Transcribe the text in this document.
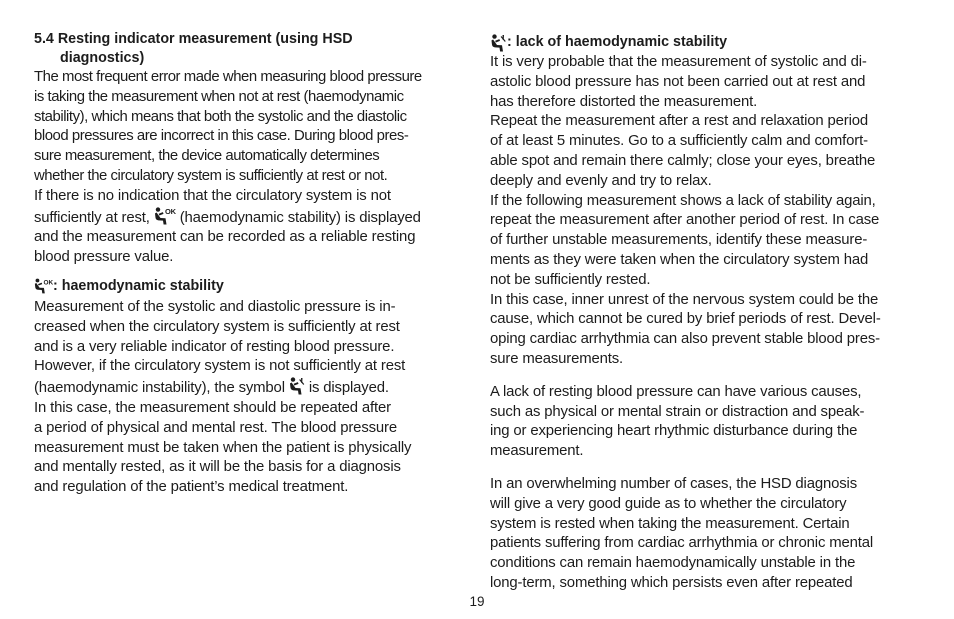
5.4 Resting indicator measurement (using HSD
diagnostics)

The most frequent error made when measuring blood pressure

is taking the measurement when not at rest (haemodynamic

stability), which means that both the systolic and the diastolic

blood pressures are incorrect in this case. During blood pres-

sure measurement, the device automatically determines

whether the circulatory system is sufficiently at rest or not.

If there is no indication that the circulatory system is not

sufficiently at rest, OK (haemodynamic stability) is displayed

and the measurement can be recorded as a reliable resting

blood pressure value.

OK : haemodynamic stability

Measurement of the systolic and diastolic pressure is in-

creased when the circulatory system is sufficiently at rest

and is a very reliable indicator of resting blood pressure.

However, if the circulatory system is not sufficiently at rest

(haemodynamic instability), the symbol  is displayed.

In this case, the measurement should be repeated after

a period of physical and mental rest. The blood pressure

measurement must be taken when the patient is physically

and mentally rested, as it will be the basis for a diagnosis

and regulation of the patient’s medical treatment.

: lack of haemodynamic stability

It is very probable that the measurement of systolic and di-

astolic blood pressure has not been carried out at rest and

has therefore distorted the measurement.

Repeat the measurement after a rest and relaxation period

of at least 5 minutes. Go to a sufficiently calm and comfort-

able spot and remain there calmly; close your eyes, breathe

deeply and evenly and try to relax.

If the following measurement shows a lack of stability again,

repeat the measurement after another period of rest. In case

of further unstable measurements, identify these measure-

ments as they were taken when the circulatory system had

not be sufficiently rested.

In this case, inner unrest of the nervous system could be the

cause, which cannot be cured by brief periods of rest. Devel-

oping cardiac arrhythmia can also prevent stable blood pres-

sure measurements.

A lack of resting blood pressure can have various causes,

such as physical or mental strain or distraction and speak-

ing or experiencing heart rhythmic disturbance during the

measurement.

In an overwhelming number of cases, the HSD diagnosis

will give a very good guide as to whether the circulatory

system is rested when taking the measurement. Certain

patients suffering from cardiac arrhythmia or chronic mental

conditions can remain haemodynamically unstable in the

long-term, something which persists even after repeated

19
